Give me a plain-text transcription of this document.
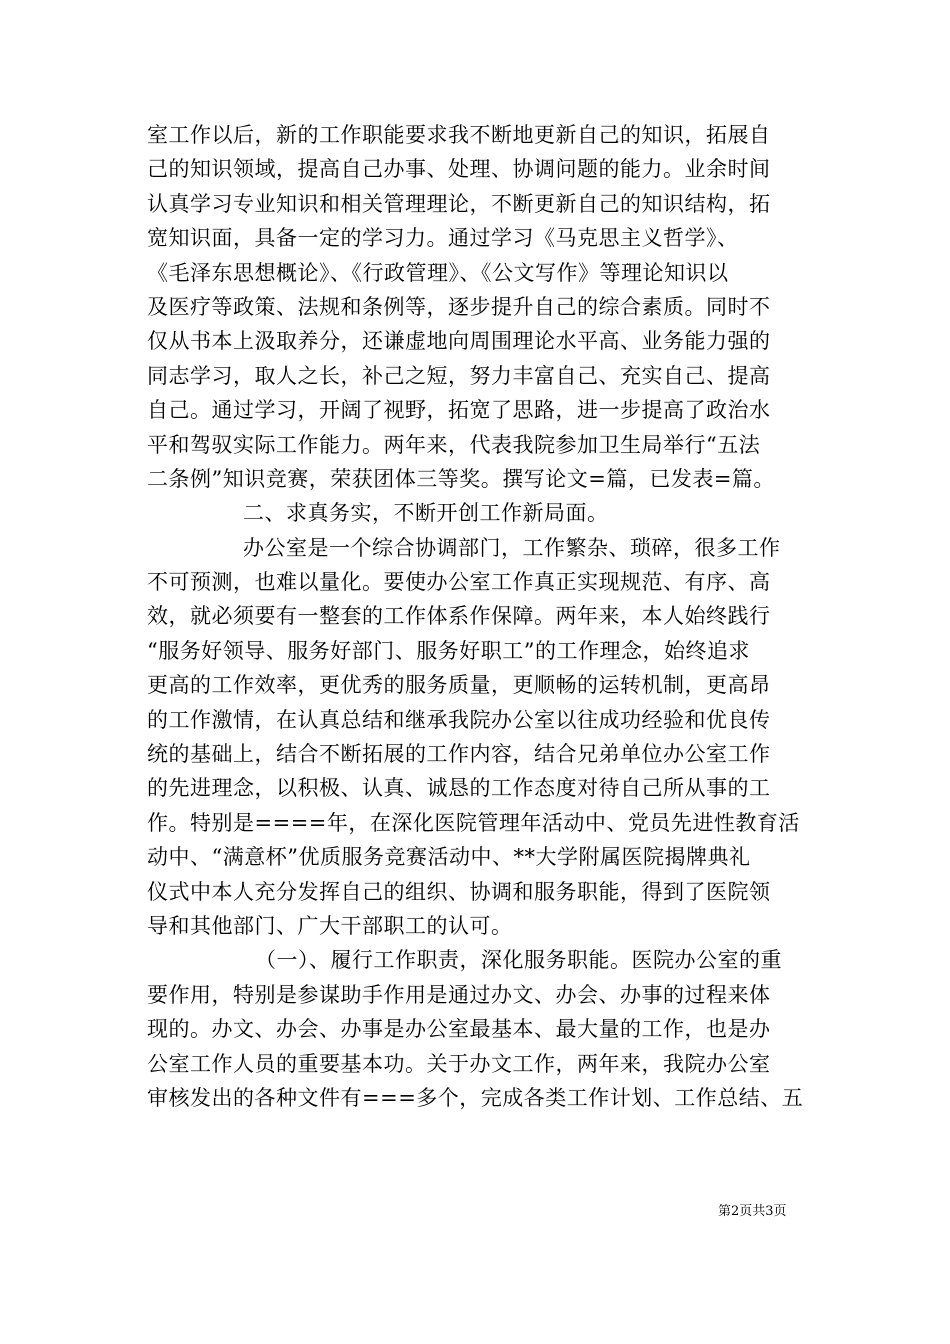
室工作以后，新的工作职能要求我不断地更新自己的知识，拓展自
己的知识领域，提高自己办事、处理、协调问题的能力。业余时间
认真学习专业知识和相关管理理论，不断更新自己的知识结构，拓
宽知识面，具备一定的学习力。通过学习《马克思主义哲学》、
《毛泽东思想概论》、《行政管理》、《公文写作》等理论知识以
及医疗等政策、法规和条例等，逐步提升自己的综合素质。同时不
仅从书本上汲取养分，还谦虚地向周围理论水平高、业务能力强的
同志学习，取人之长，补己之短，努力丰富自己、充实自己、提高
自己。通过学习，开阔了视野，拓宽了思路，进一步提高了政治水
平和驾驭实际工作能力。两年来，代表我院参加卫生局举行“五法
二条例”知识竞赛，荣获团体三等奖。撰写论文=篇，已发表=篇。
二、求真务实，不断开创工作新局面。
办公室是一个综合协调部门，工作繁杂、琐碎，很多工作
不可预测，也难以量化。要使办公室工作真正实现规范、有序、高
效，就必须要有一整套的工作体系作保障。两年来，本人始终践行
“服务好领导、服务好部门、服务好职工”的工作理念，始终追求
更高的工作效率，更优秀的服务质量，更顺畅的运转机制，更高昂
的工作激情，在认真总结和继承我院办公室以往成功经验和优良传
统的基础上，结合不断拓展的工作内容，结合兄弟单位办公室工作
的先进理念，以积极、认真、诚恳的工作态度对待自己所从事的工
作。特别是====年，在深化医院管理年活动中、党员先进性教育活
动中、“满意杯”优质服务竞赛活动中、**大学附属医院揭牌典礼
仪式中本人充分发挥自己的组织、协调和服务职能，得到了医院领
导和其他部门、广大干部职工的认可。
（一）、履行工作职责，深化服务职能。医院办公室的重
要作用，特别是参谋助手作用是通过办文、办会、办事的过程来体
现的。办文、办会、办事是办公室最基本、最大量的工作，也是办
公室工作人员的重要基本功。关于办文工作，两年来，我院办公室
审核发出的各种文件有===多个，完成各类工作计划、工作总结、五
第2页共3页
